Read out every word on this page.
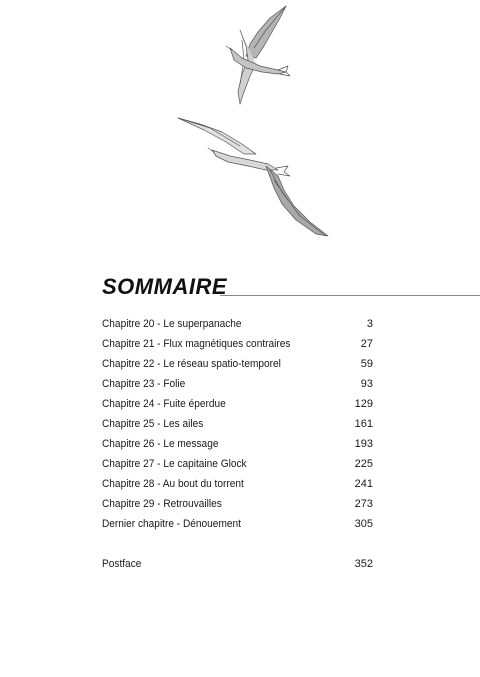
SOMMAIRE
Chapitre 20 - Le superpanache	3
Chapitre 21 - Flux magnétiques contraires	27
Chapitre 22 - Le réseau spatio-temporel	59
Chapitre 23 - Folie	93
Chapitre 24 - Fuite éperdue	129
Chapitre 25 - Les ailes	161
Chapitre 26 - Le message	193
Chapitre 27 - Le capitaine Glock	225
Chapitre 28 - Au bout du torrent	241
Chapitre 29 - Retrouvailles	273
Dernier chapitre - Dénouement	305
Postface	352
